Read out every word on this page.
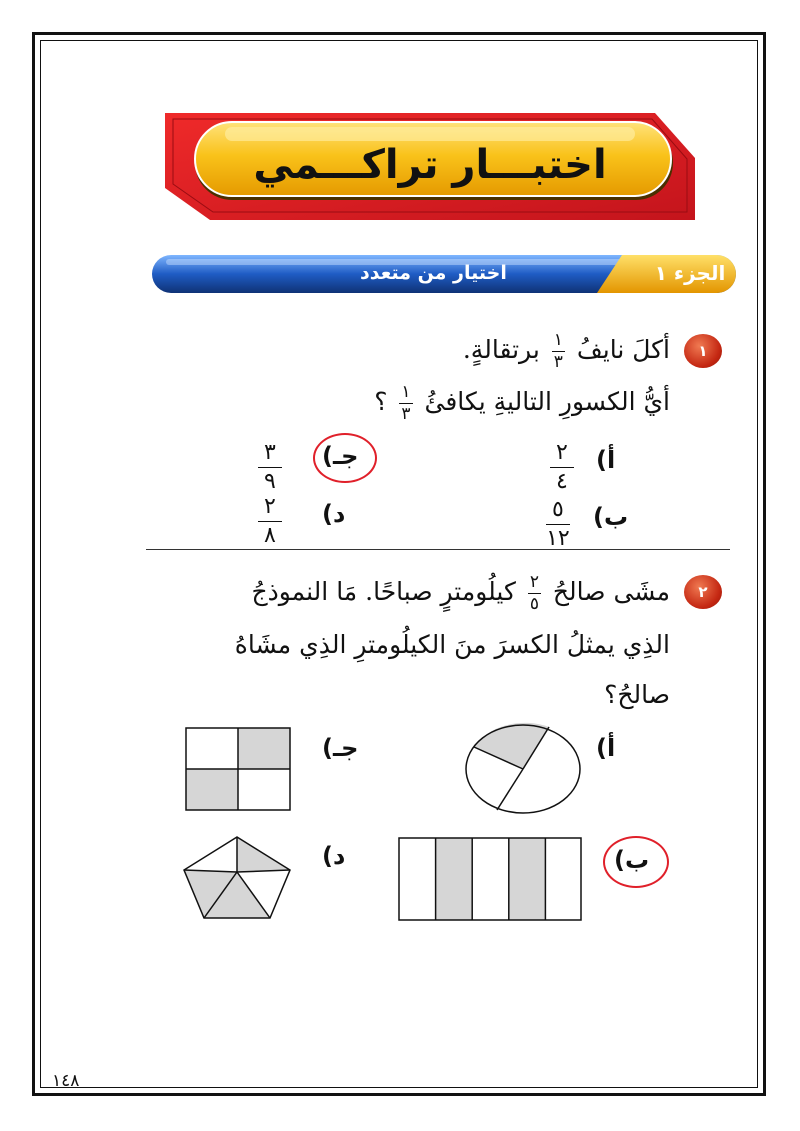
اختبـــار تراكـــمي
الجزء ١
اختيار من متعدد
١
أكلَ نايفُ
$\frac{١}{٣}$
برتقالةٍ.
أيُّ الكسورِ التاليةِ يكافئُ
$\frac{١}{٣}$
؟
أ)
٢
٤
جـ)
٣
٩
ب)
٥
١٢
د)
٢
٨
٢
مشَى صالحُ
$\frac{٢}{٥}$
كيلُومترٍ صباحًا. مَا النموذجُ
الذِي يمثلُ الكسرَ منَ الكيلُومترِ الذِي مشَاهُ
صالحُ؟
أ)
جـ)
ب)
د)
١٤٨
